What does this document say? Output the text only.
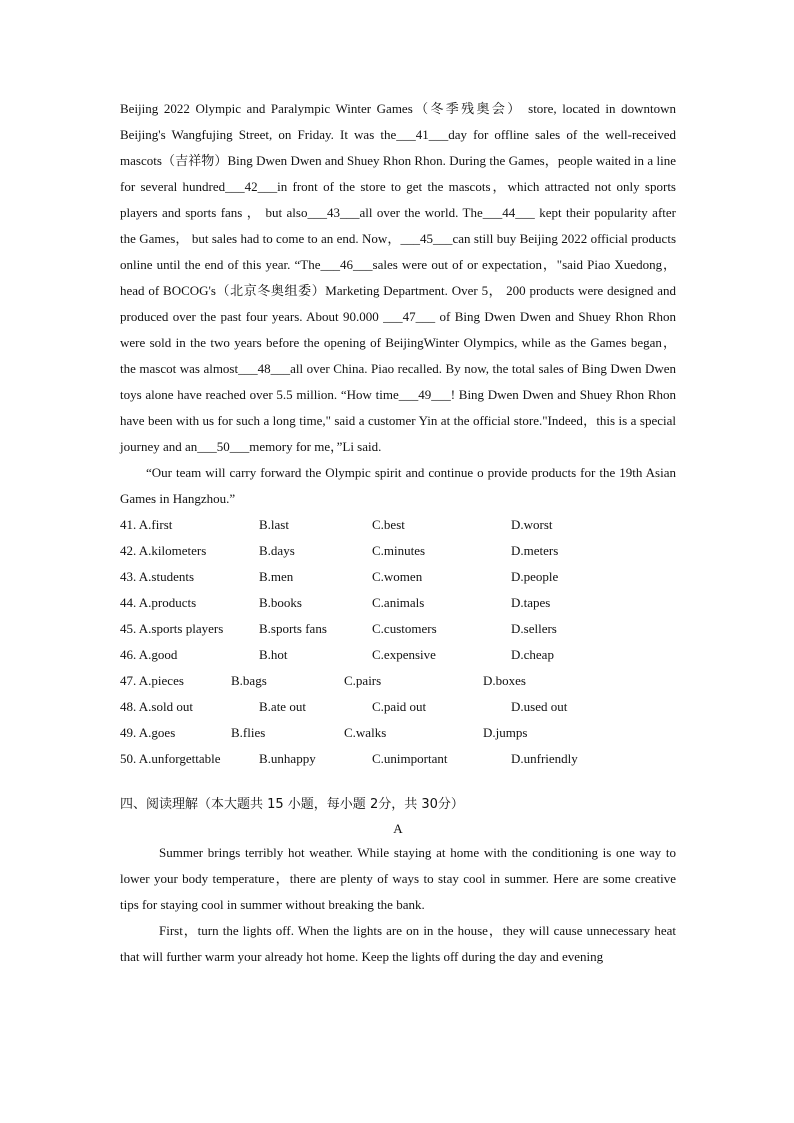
Beijing 2022 Olympic and Paralympic Winter Games（冬季残奥会） store, located in downtown Beijing's Wangfujing Street, on Friday. It was the___41___day for offline sales of the well-received mascots（吉祥物）Bing Dwen Dwen and Shuey Rhon Rhon. During the Games，people waited in a line for several hundred___42___in front of the store to get the mascots，which attracted not only sports players and sports fans ， but also___43___all over the world. The___44___ kept their popularity after the Games， but sales had to come to an end. Now，___45___can still buy Beijing 2022 official products online until the end of this year. “The___46___sales were out of or expectation，"said Piao Xuedong，head of BOCOG's（北京冬奥组委）Marketing Department. Over 5， 200 products were designed and produced over the past four years. About 90.000 ___47___ of Bing Dwen Dwen and Shuey Rhon Rhon were sold in the two years before the opening of BeijingWinter Olympics, while as the Games began， the mascot was almost___48___all over China. Piao recalled. By now, the total sales of Bing Dwen Dwen toys alone have reached over 5.5 million. “How time___49___! Bing Dwen Dwen and Shuey Rhon Rhon have been with us for such a long time," said a customer Yin at the official store."Indeed，this is a special journey and an___50___memory for me，”Li said.

“Our team will carry forward the Olympic spirit and continue o provide products for the 19th Asian Games in Hangzhou.”

41. A.first	B.last	C.best	D.worst
42. A.kilometers	B.days	C.minutes	D.meters
43. A.students	B.men	C.women	D.people
44. A.products	B.books	C.animals	D.tapes
45. A.sports players	B.sports fans	C.customers	D.sellers
46. A.good	B.hot	C.expensive	D.cheap
47. A.pieces	B.bags	C.pairs	D.boxes
48. A.sold out	B.ate out	C.paid out	D.used out
49. A.goes	B.flies	C.walks	D.jumps
50. A.unforgettable	B.unhappy	C.unimportant	D.unfriendly
四、阅读理解（本大题共 15 小题，每小题 2分，共 30分）

A

Summer brings terribly hot weather. While staying at home with the conditioning is one way to lower your body temperature，there are plenty of ways to stay cool in summer. Here are some creative tips for staying cool in summer without breaking the bank.

First，turn the lights off. When the lights are on in the house，they will cause unnecessary heat that will further warm your already hot home. Keep the lights off during the day and evening
